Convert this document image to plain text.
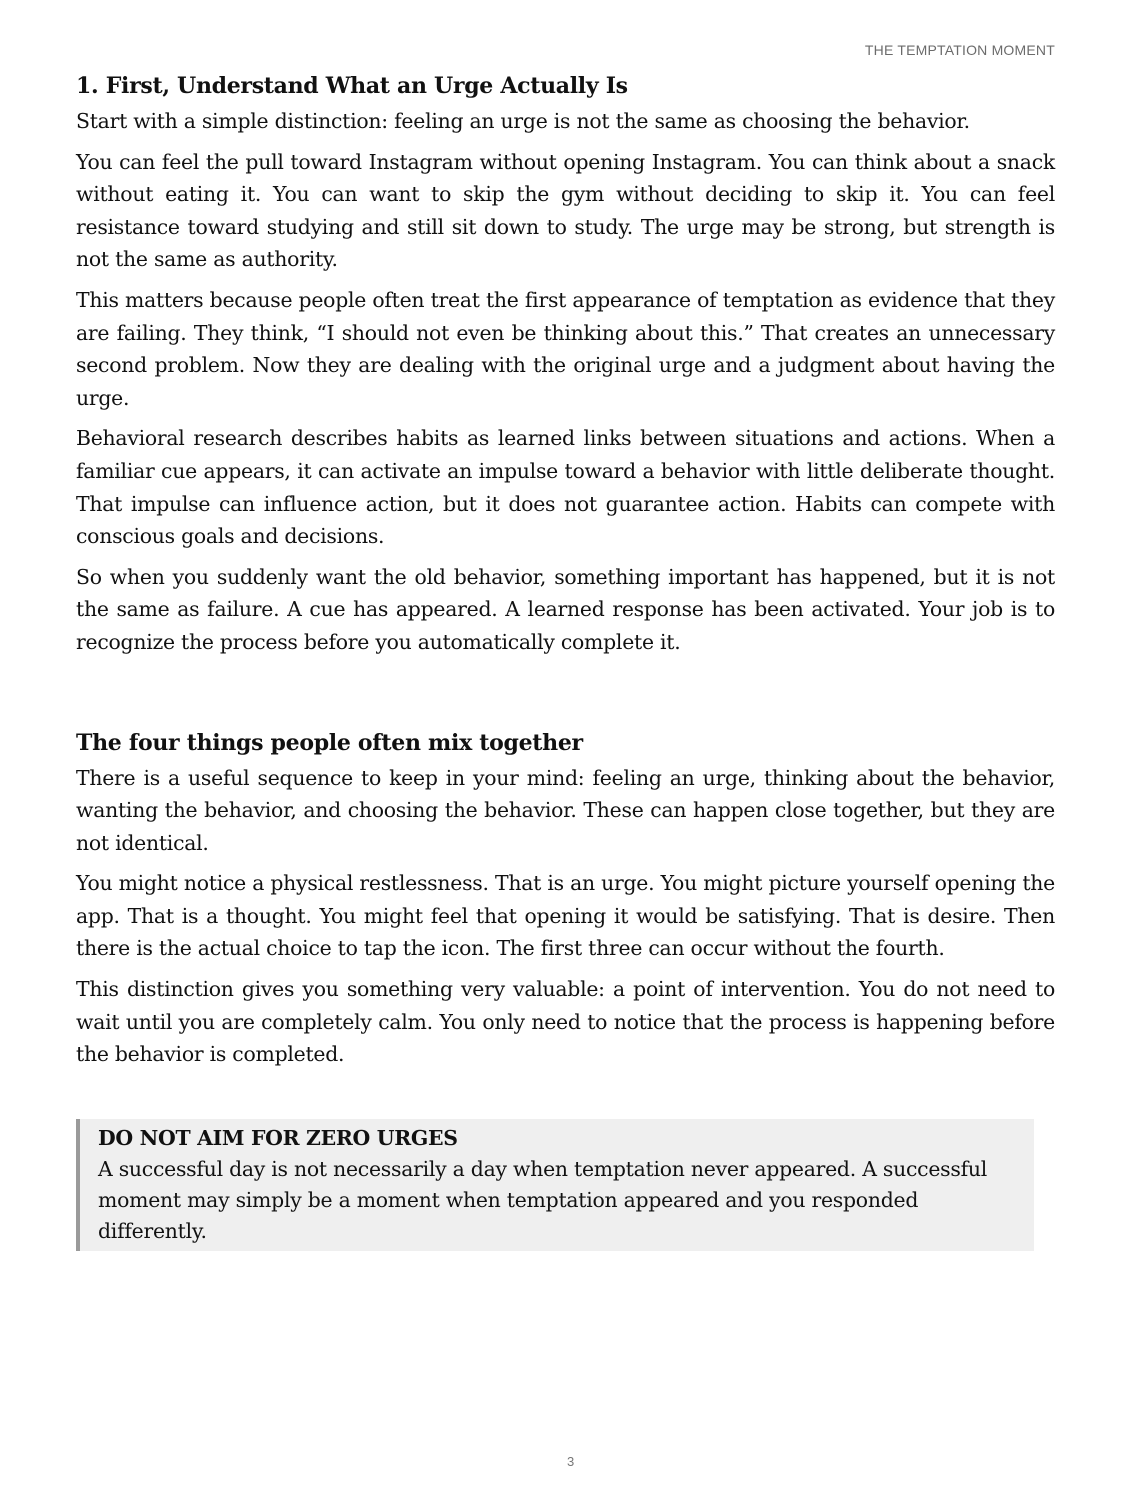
THE TEMPTATION MOMENT

1. First, Understand What an Urge Actually Is

Start with a simple distinction: feeling an urge is not the same as choosing the behavior.

You can feel the pull toward Instagram without opening Instagram. You can think about a snack without eating it. You can want to skip the gym without deciding to skip it. You can feel resistance toward studying and still sit down to study. The urge may be strong, but strength is not the same as authority.

This matters because people often treat the first appearance of temptation as evidence that they are failing. They think, “I should not even be thinking about this.” That creates an unnecessary second problem. Now they are dealing with the original urge and a judgment about having the urge.

Behavioral research describes habits as learned links between situations and actions. When a familiar cue appears, it can activate an impulse toward a behavior with little deliberate thought. That impulse can influence action, but it does not guarantee action. Habits can compete with conscious goals and decisions.

So when you suddenly want the old behavior, something important has happened, but it is not the same as failure. A cue has appeared. A learned response has been activated. Your job is to recognize the process before you automatically complete it.

The four things people often mix together

There is a useful sequence to keep in your mind: feeling an urge, thinking about the behavior, wanting the behavior, and choosing the behavior. These can happen close together, but they are not identical.

You might notice a physical restlessness. That is an urge. You might picture yourself opening the app. That is a thought. You might feel that opening it would be satisfying. That is desire. Then there is the actual choice to tap the icon. The first three can occur without the fourth.

This distinction gives you something very valuable: a point of intervention. You do not need to wait until you are completely calm. You only need to notice that the process is happening before the behavior is completed.

DO NOT AIM FOR ZERO URGES
A successful day is not necessarily a day when temptation never appeared. A successful moment may simply be a moment when temptation appeared and you responded differently.

3
